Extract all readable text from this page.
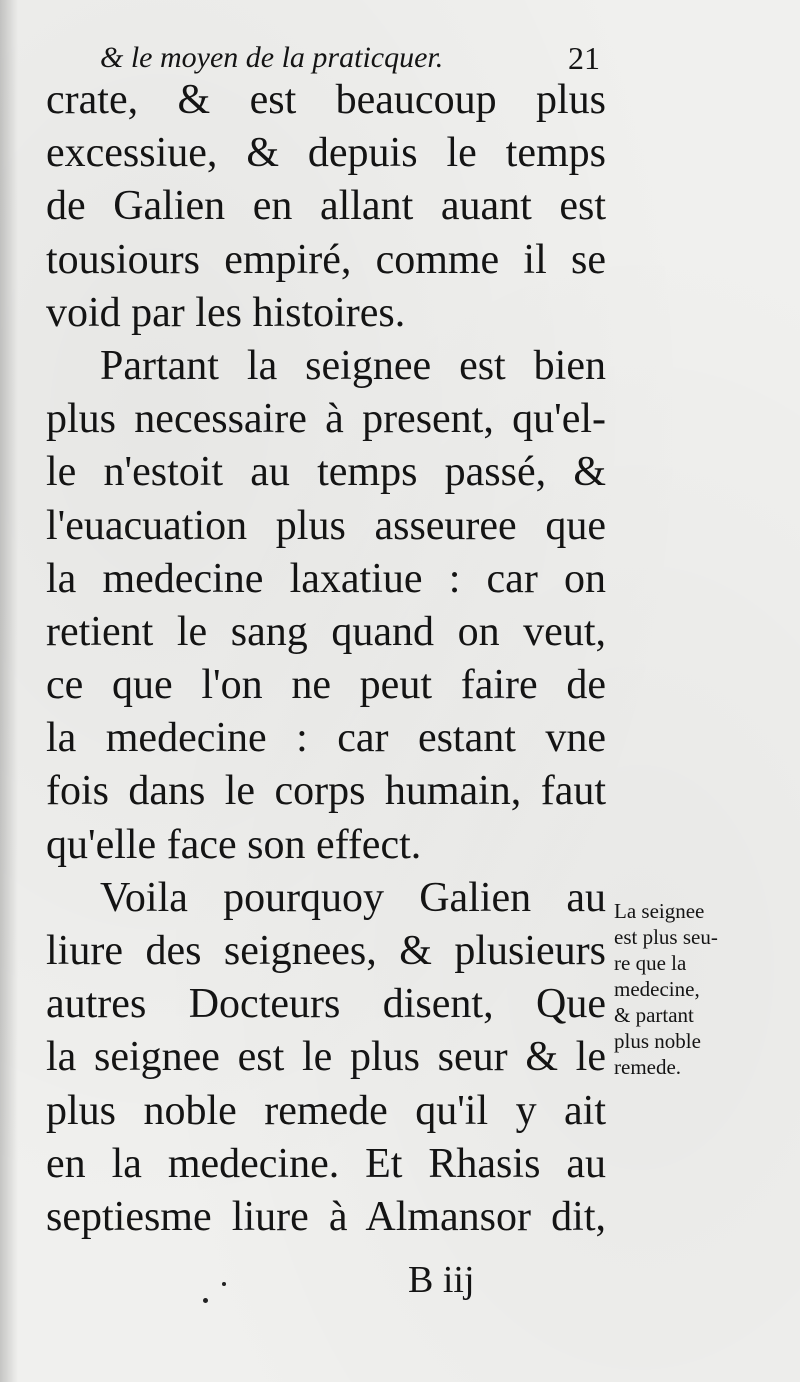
& le moyen de la praticquer.	21
crate, & est beaucoup plus
excessiue, & depuis le temps
de Galien en allant auant est
tousiours empiré, comme il se
void par les histoires.
Partant la seignee est bien
plus necessaire à present, qu'el-
le n'estoit au temps passé, &
l'euacuation plus asseuree que
la medecine laxatiue : car on
retient le sang quand on veut,
ce que l'on ne peut faire de
la medecine : car estant vne
fois dans le corps humain, faut
qu'elle face son effect.
Voila pourquoy Galien au
liure des seignees, & plusieurs
autres Docteurs disent, Que
la seignee est le plus seur & le
plus noble remede qu'il y ait
en la medecine. Et Rhasis au
septiesme liure à Almansor dit,
La seignee
est plus seu-
re que la
medecine,
& partant
plus noble
remede.
B iij
